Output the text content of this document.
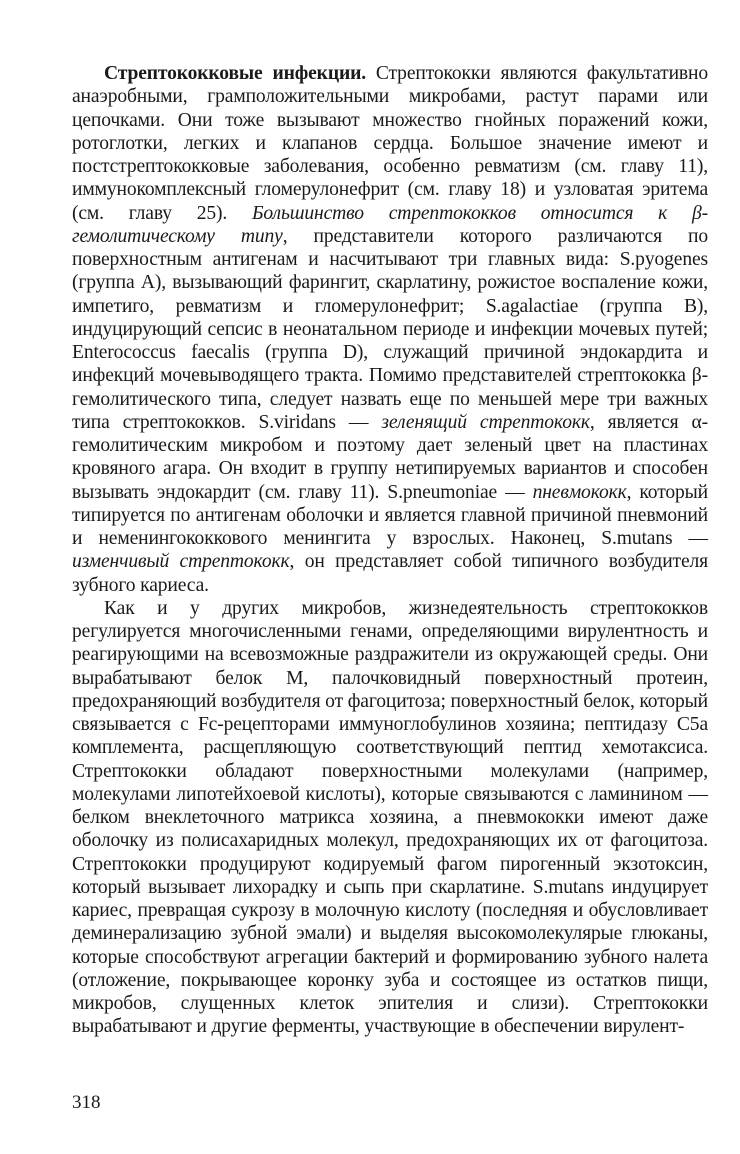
Стрептококковые инфекции. Стрептококки являются факультативно анаэробными, грамположительными микробами, растут парами или цепочками. Они тоже вызывают множество гнойных поражений кожи, ротоглотки, легких и клапанов сердца. Большое значение имеют и постстрептококковые заболевания, особенно ревматизм (см. главу 11), иммунокомплексный гломерулонефрит (см. главу 18) и узловатая эритема (см. главу 25). Большинство стрептококков относится к β-гемолитическому типу, представители которого различаются по поверхностным антигенам и насчитывают три главных вида: S.pyogenes (группа А), вызывающий фарингит, скарлатину, рожистое воспаление кожи, импетиго, ревматизм и гломерулонефрит; S.agalactiae (группа В), индуцирующий сепсис в неонатальном периоде и инфекции мочевых путей; Enterococcus faecalis (группа D), служащий причиной эндокардита и инфекций мочевыводящего тракта. Помимо представителей стрептококка β-гемолитического типа, следует назвать еще по меньшей мере три важных типа стрептококков. S.viridans — зеленящий стрептококк, является α-гемолитическим микробом и поэтому дает зеленый цвет на пластинах кровяного агара. Он входит в группу нетипируемых вариантов и способен вызывать эндокардит (см. главу 11). S.pneumoniae — пневмококк, который типируется по антигенам оболочки и является главной причиной пневмоний и неменингококкового менингита у взрослых. Наконец, S.mutans — изменчивый стрептококк, он представляет собой типичного возбудителя зубного кариеса.

Как и у других микробов, жизнедеятельность стрептококков регулируется многочисленными генами, определяющими вирулентность и реагирующими на всевозможные раздражители из окружающей среды. Они вырабатывают белок М, палочковидный поверхностный протеин, предохраняющий возбудителя от фагоцитоза; поверхностный белок, который связывается с Fc-рецепторами иммуноглобулинов хозяина; пептидазу С5а комплемента, расщепляющую соответствующий пептид хемотаксиса. Стрептококки обладают поверхностными молекулами (например, молекулами липотейхоевой кислоты), которые связываются с ламинином — белком внеклеточного матрикса хозяина, а пневмококки имеют даже оболочку из полисахаридных молекул, предохраняющих их от фагоцитоза. Стрептококки продуцируют кодируемый фагом пирогенный экзотоксин, который вызывает лихорадку и сыпь при скарлатине. S.mutans индуцирует кариес, превращая сукрозу в молочную кислоту (последняя и обусловливает деминерализацию зубной эмали) и выделяя высокомолекулярые глюканы, которые способствуют агрегации бактерий и формированию зубного налета (отложение, покрывающее коронку зуба и состоящее из остатков пищи, микробов, слущенных клеток эпителия и слизи). Стрептококки вырабатывают и другие ферменты, участвующие в обеспечении вирулент-

318
